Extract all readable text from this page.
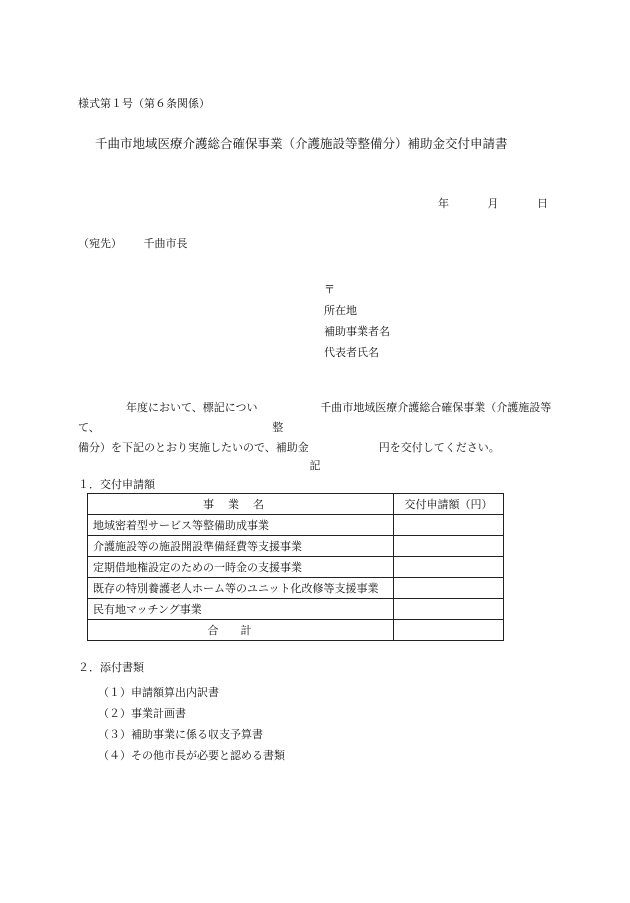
様式第１号（第６条関係）
千曲市地域医療介護総合確保事業（介護施設等整備分）補助金交付申請書
年	月	日
（宛先） 千曲市長
〒
所在地
補助事業者名
代表者氏名

年度において、標記について、
千曲市地域医療介護総合確保事業（介護施設等整

備分）を下記のとおり実施したいので、補助金	円を交付してください。

記
１．交付申請額
事業名	交付申請額（円）
地域密着型サービス等整備助成事業	
介護施設等の施設開設準備経費等支援事業	
定期借地権設定のための一時金の支援事業	
既存の特別養護老人ホーム等のユニット化改修等支援事業	
民有地マッチング事業	
合計	
２．添付書類
（１）申請額算出内訳書
（２）事業計画書
（３）補助事業に係る収支予算書
（４）その他市長が必要と認める書類
